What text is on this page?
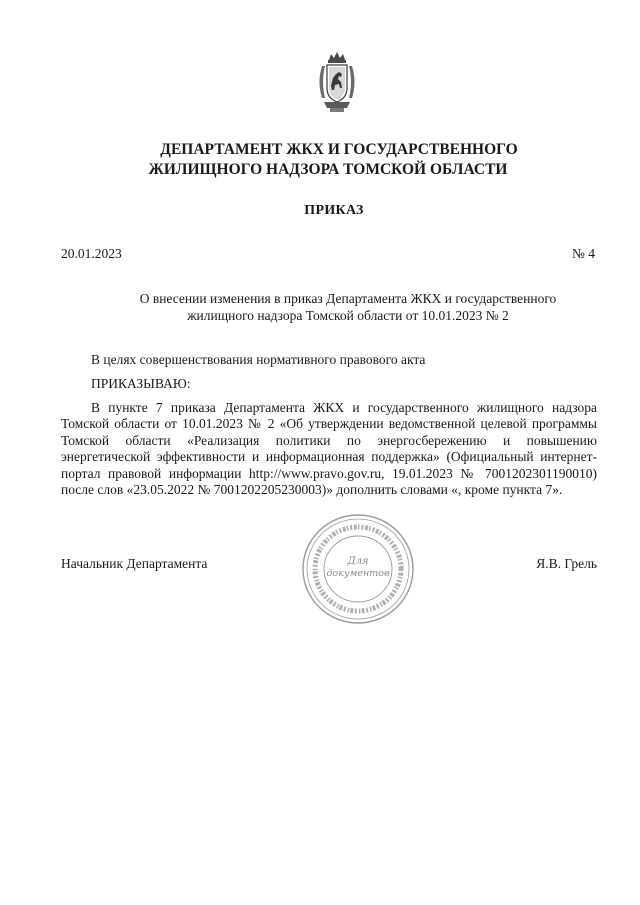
ДЕПАРТАМЕНТ ЖКХ И ГОСУДАРСТВЕННОГО
ЖИЛИЩНОГО НАДЗОРА ТОМСКОЙ ОБЛАСТИ
ПРИКАЗ
20.01.2023	№ 4
О внесении изменения в приказ Департамента ЖКХ и государственного
жилищного надзора Томской области от 10.01.2023 № 2
В целях совершенствования нормативного правового акта
ПРИКАЗЫВАЮ:
В пункте 7 приказа Департамента ЖКХ и государственного жилищного надзора Томской области от 10.01.2023 № 2 «Об утверждении ведомственной целевой программы Томской области «Реализация политики по энергосбережению и повышению энергетической эффективности и информационная поддержка» (Официальный интернет-портал правовой информации http://www.pravo.gov.ru, 19.01.2023 № 7001202301190010) после слов «23.05.2022 № 7001202205230003)» дополнить словами «, кроме пункта 7».
Начальник Департамента	Я.В. Грель
Для
документов
